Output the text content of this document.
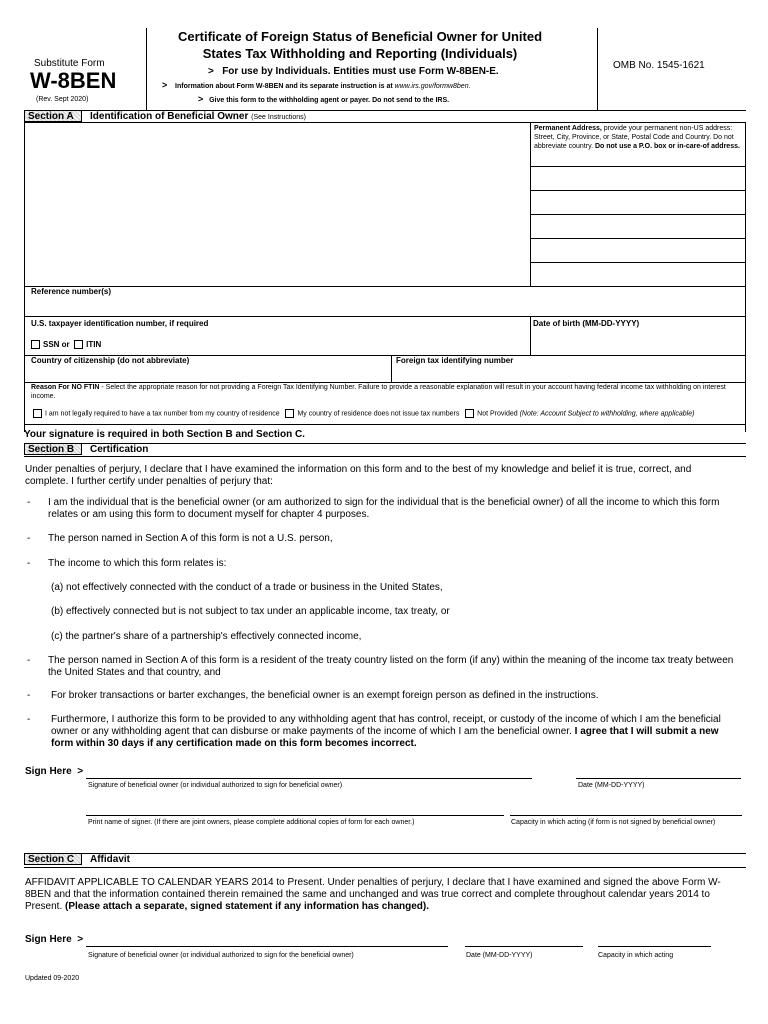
Substitute Form
W-8BEN
(Rev. Sept 2020)
Certificate of Foreign Status of Beneficial Owner for United
States Tax Withholding and Reporting (Individuals)
> For use by Individuals. Entities must use Form W-8BEN-E.
> Information about Form W-8BEN and its separate instruction is at www.irs.gov/formw8ben.
> Give this form to the withholding agent or payer. Do not send to the IRS.
OMB No. 1545-1621
Section A	Identification of Beneficial Owner (See Instructions)
Permanent Address, provide your permanent non-US address: Street, City, Province, or State, Postal Code and Country. Do not abbreviate country. Do not use a P.O. box or in-care-of address.
Reference number(s)
U.S. taxpayer identification number, if required	Date of birth (MM-DD-YYYY)
SSN or ITIN
Country of citizenship (do not abbreviate)	Foreign tax identifying number
Reason For NO FTIN - Select the appropriate reason for not providing a Foreign Tax Identifying Number. Failure to provide a reasonable explanation will result in your account having federal income tax withholding on interest income.
I am not legally required to have a tax number from my country of residence	My country of residence does not issue tax numbers	Not Provided (Note: Account Subject to withholding, where applicable)
Your signature is required in both Section B and Section C.
Section B	Certification
Under penalties of perjury, I declare that I have examined the information on this form and to the best of my knowledge and belief it is true, correct, and complete. I further certify under penalties of perjury that:
- I am the individual that is the beneficial owner (or am authorized to sign for the individual that is the beneficial owner) of all the income to which this form relates or am using this form to document myself for chapter 4 purposes.
- The person named in Section A of this form is not a U.S. person,
- The income to which this form relates is:
(a) not effectively connected with the conduct of a trade or business in the United States,
(b) effectively connected but is not subject to tax under an applicable income, tax treaty, or
(c) the partner's share of a partnership's effectively connected income,
- The person named in Section A of this form is a resident of the treaty country listed on the form (if any) within the meaning of the income tax treaty between the United States and that country, and
- For broker transactions or barter exchanges, the beneficial owner is an exempt foreign person as defined in the instructions.
- Furthermore, I authorize this form to be provided to any withholding agent that has control, receipt, or custody of the income of which I am the beneficial owner or any withholding agent that can disburse or make payments of the income of which I am the beneficial owner. I agree that I will submit a new form within 30 days if any certification made on this form becomes incorrect.
Sign Here >
Signature of beneficial owner (or individual authorized to sign for beneficial owner)	Date (MM-DD-YYYY)
Print name of signer. (If there are joint owners, please complete additional copies of form for each owner.)	Capacity in which acting (if form is not signed by beneficial owner)
Section C	Affidavit
AFFIDAVIT APPLICABLE TO CALENDAR YEARS 2014 to Present. Under penalties of perjury, I declare that I have examined and signed the above Form W-8BEN and that the information contained therein remained the same and unchanged and was true correct and complete throughout calendar years 2014 to Present. (Please attach a separate, signed statement if any information has changed).
Sign Here >
Signature of beneficial owner (or individual authorized to sign for the beneficial owner)	Date (MM-DD-YYYY)	Capacity in which acting
Updated 09-2020
